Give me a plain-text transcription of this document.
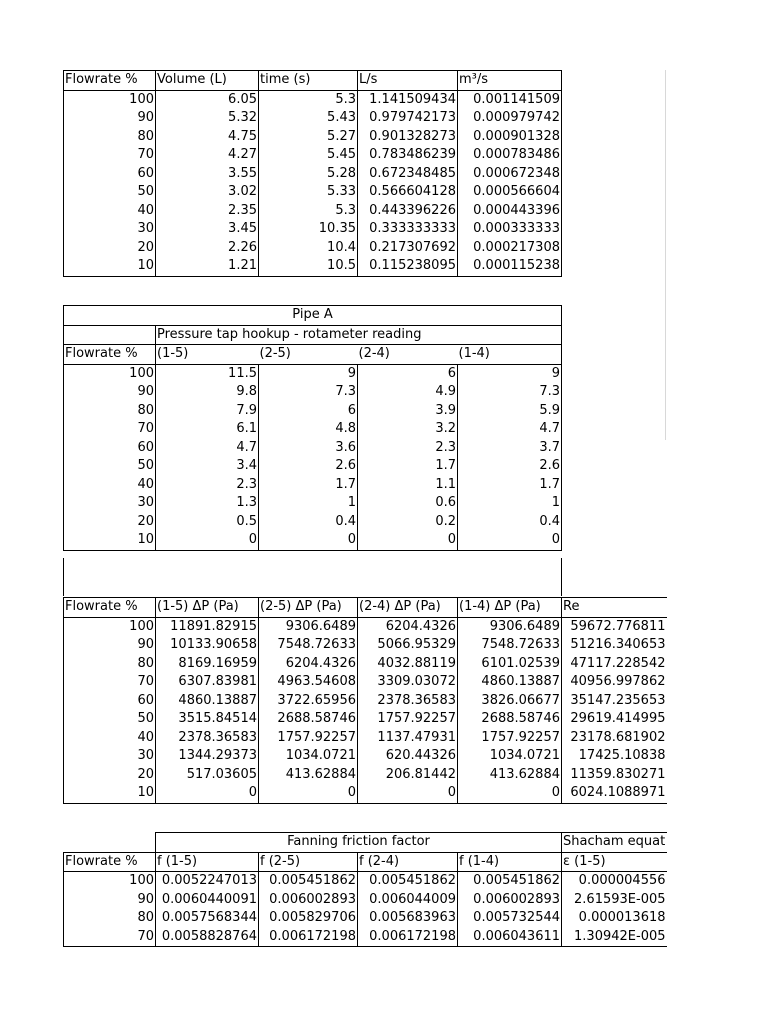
Flowrate %	Volume (L)	time (s)	L/s	m³/s
100	6.05	5.3	1.141509434	0.001141509
90	5.32	5.43	0.979742173	0.000979742
80	4.75	5.27	0.901328273	0.000901328
70	4.27	5.45	0.783486239	0.000783486
60	3.55	5.28	0.672348485	0.000672348
50	3.02	5.33	0.566604128	0.000566604
40	2.35	5.3	0.443396226	0.000443396
30	3.45	10.35	0.333333333	0.000333333
20	2.26	10.4	0.217307692	0.000217308
10	1.21	10.5	0.115238095	0.000115238
Pipe A				
	Pressure tap hookup - rotameter reading			
Flowrate %	(1-5)	(2-5)	(2-4)	(1-4)
100	11.5	9	6	9
90	9.8	7.3	4.9	7.3
80	7.9	6	3.9	5.9
70	6.1	4.8	3.2	4.7
60	4.7	3.6	2.3	3.7
50	3.4	2.6	1.7	2.6
40	2.3	1.7	1.1	1.7
30	1.3	1	0.6	1
20	0.5	0.4	0.2	0.4
10	0	0	0	0
Flowrate %	(1-5) ΔP (Pa)	(2-5) ΔP (Pa)	(2-4) ΔP (Pa)	(1-4) ΔP (Pa)	Re
100	11891.82915	9306.6489	6204.4326	9306.6489	59672.776811
90	10133.90658	7548.72633	5066.95329	7548.72633	51216.340653
80	8169.16959	6204.4326	4032.88119	6101.02539	47117.228542
70	6307.83981	4963.54608	3309.03072	4860.13887	40956.997862
60	4860.13887	3722.65956	2378.36583	3826.06677	35147.235653
50	3515.84514	2688.58746	1757.92257	2688.58746	29619.414995
40	2378.36583	1757.92257	1137.47931	1757.92257	23178.681902
30	1344.29373	1034.0721	620.44326	1034.0721	17425.10838
20	517.03605	413.62884	206.81442	413.62884	11359.830271
10	0	0	0	0	6024.1088971
	Fanning friction factor				Shacham equat
Flowrate %	f (1-5)	f (2-5)	f (2-4)	f (1-4)	ε (1-5)
100	0.0052247013	0.005451862	0.005451862	0.005451862	0.000004556
90	0.0060440091	0.006002893	0.006044009	0.006002893	2.61593E-005
80	0.0057568344	0.005829706	0.005683963	0.005732544	0.000013618
70	0.0058828764	0.006172198	0.006172198	0.006043611	1.30942E-005
